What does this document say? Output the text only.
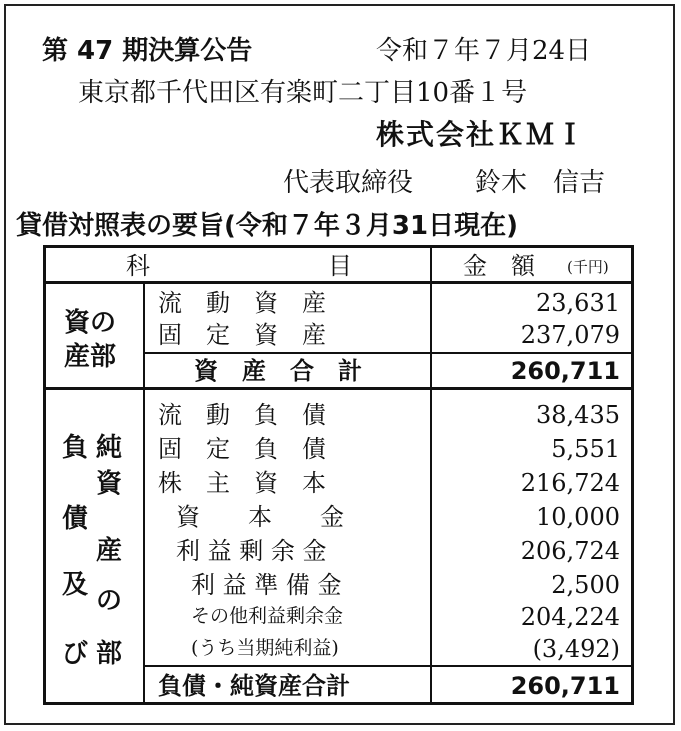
第 47 期決算公告	令和７年７月24日
東京都千代田区有楽町二丁目10番１号
株式会社ＫＭＩ
代表取締役 鈴木　信吉
貸借対照表の要旨(令和７年３月31日現在)
科	目	金　額 (千円)
資の
産部
流　動　資　産	23,631
固　定　資　産	237,079
資　産　合　計	260,711
負
債
及
び
純
資
産
の
部
流　動　負　債	38,435
固　定　負　債	5,551
株　主　資　本	216,724
資　　本　　金	10,000
利 益 剰 余 金	206,724
利 益 準 備 金	2,500
その他利益剰余金	204,224
(うち当期純利益)	(3,492)
負債・純資産合計	260,711
